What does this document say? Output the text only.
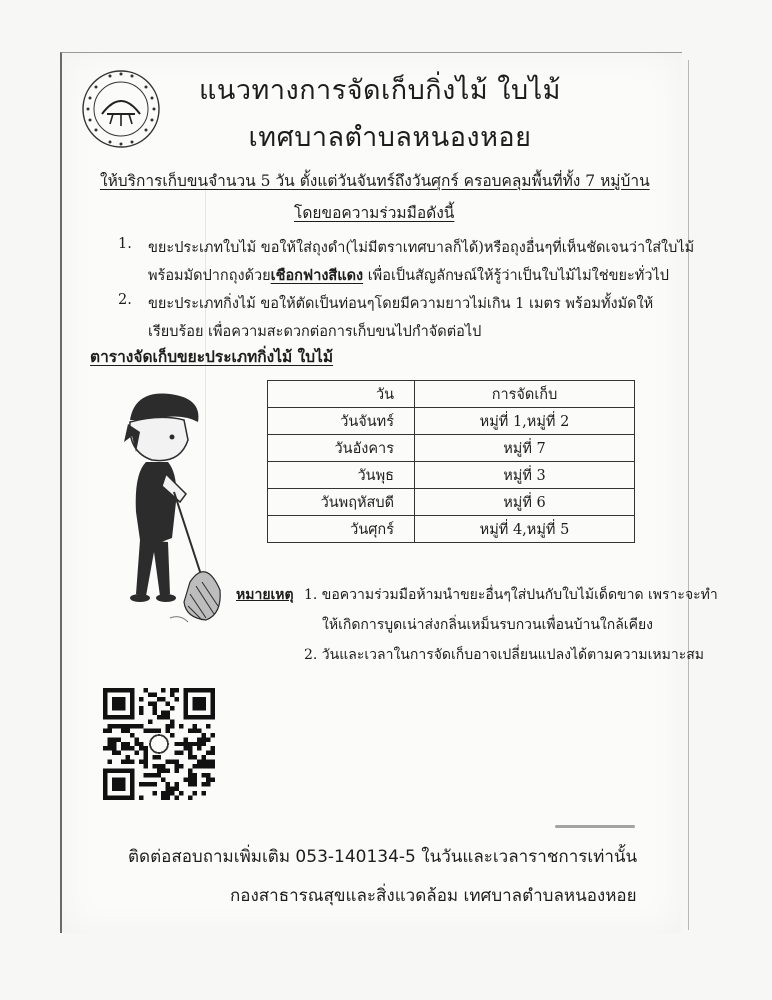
แนวทางการจัดเก็บกิ่งไม้ ใบไม้
เทศบาลตำบลหนองหอย
ให้บริการเก็บขนจำนวน 5 วัน ตั้งแต่วันจันทร์ถึงวันศุกร์ ครอบคลุมพื้นที่ทั้ง 7 หมู่บ้าน
โดยขอความร่วมมือดังนี้
1. ขยะประเภทใบไม้ ขอให้ใส่ถุงดำ(ไม่มีตราเทศบาลก็ได้)หรือถุงอื่นๆที่เห็นชัดเจนว่าใส่ใบไม้
พร้อมมัดปากถุงด้วยเชือกฟางสีแดง เพื่อเป็นสัญลักษณ์ให้รู้ว่าเป็นใบไม้ไม่ใช่ขยะทั่วไป
2. ขยะประเภทกิ่งไม้ ขอให้ตัดเป็นท่อนๆโดยมีความยาวไม่เกิน 1 เมตร พร้อมทั้งมัดให้
เรียบร้อย เพื่อความสะดวกต่อการเก็บขนไปกำจัดต่อไป
ตารางจัดเก็บขยะประเภทกิ่งไม้ ใบไม้
วัน	การจัดเก็บ
วันจันทร์	หมู่ที่ 1,หมู่ที่ 2
วันอังคาร	หมู่ที่ 7
วันพุธ	หมู่ที่ 3
วันพฤหัสบดี	หมู่ที่ 6
วันศุกร์	หมู่ที่ 4,หมู่ที่ 5
หมายเหตุ 1. ขอความร่วมมือห้ามนำขยะอื่นๆใส่ปนกับใบไม้เด็ดขาด เพราะจะทำ
ให้เกิดการบูดเน่าส่งกลิ่นเหม็นรบกวนเพื่อนบ้านใกล้เคียง
2. วันและเวลาในการจัดเก็บอาจเปลี่ยนแปลงได้ตามความเหมาะสม
ติดต่อสอบถามเพิ่มเติม 053-140134-5 ในวันและเวลาราชการเท่านั้น
กองสาธารณสุขและสิ่งแวดล้อม เทศบาลตำบลหนองหอย
